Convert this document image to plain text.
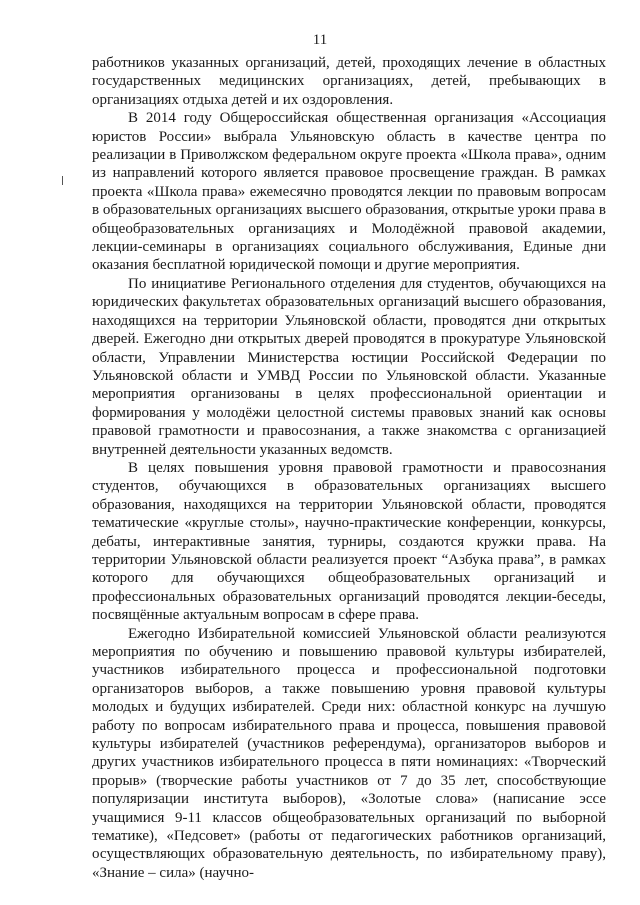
11

работников указанных организаций, детей, проходящих лечение в областных государственных медицинских организациях, детей, пребывающих в организациях отдыха детей и их оздоровления.

В 2014 году Общероссийская общественная организация «Ассоциация юристов России» выбрала Ульяновскую область в качестве центра по реализации в Приволжском федеральном округе проекта «Школа права», одним из направлений которого является правовое просвещение граждан. В рамках проекта «Школа права» ежемесячно проводятся лекции по правовым вопросам в образовательных организациях высшего образования, открытые уроки права в общеобразовательных организациях и Молодёжной правовой академии, лекции-семинары в организациях социального обслуживания, Единые дни оказания бесплатной юридической помощи и другие мероприятия.

По инициативе Регионального отделения для студентов, обучающихся на юридических факультетах образовательных организаций высшего образования, находящихся на территории Ульяновской области, проводятся дни открытых дверей. Ежегодно дни открытых дверей проводятся в прокуратуре Ульяновской области, Управлении Министерства юстиции Российской Федерации по Ульяновской области и УМВД России по Ульяновской области. Указанные мероприятия организованы в целях профессиональной ориентации и формирования у молодёжи целостной системы правовых знаний как основы правовой грамотности и правосознания, а также знакомства с организацией внутренней деятельности указанных ведомств.

В целях повышения уровня правовой грамотности и правосознания студентов, обучающихся в образовательных организациях высшего образования, находящихся на территории Ульяновской области, проводятся тематические «круглые столы», научно-практические конференции, конкурсы, дебаты, интерактивные занятия, турниры, создаются кружки права. На территории Ульяновской области реализуется проект “Азбука права”, в рамках которого для обучающихся общеобразовательных организаций и профессиональных образовательных организаций проводятся лекции-беседы, посвящённые актуальным вопросам в сфере права.

Ежегодно Избирательной комиссией Ульяновской области реализуются мероприятия по обучению и повышению правовой культуры избирателей, участников избирательного процесса и профессиональной подготовки организаторов выборов, а также повышению уровня правовой культуры молодых и будущих избирателей. Среди них: областной конкурс на лучшую работу по вопросам избирательного права и процесса, повышения правовой культуры избирателей (участников референдума), организаторов выборов и других участников избирательного процесса в пяти номинациях: «Творческий прорыв» (творческие работы участников от 7 до 35 лет, способствующие популяризации института выборов), «Золотые слова» (написание эссе учащимися 9-11 классов общеобразовательных организаций по выборной тематике), «Педсовет» (работы от педагогических работников организаций, осуществляющих образовательную деятельность, по избирательному праву), «Знание – сила» (научно-
